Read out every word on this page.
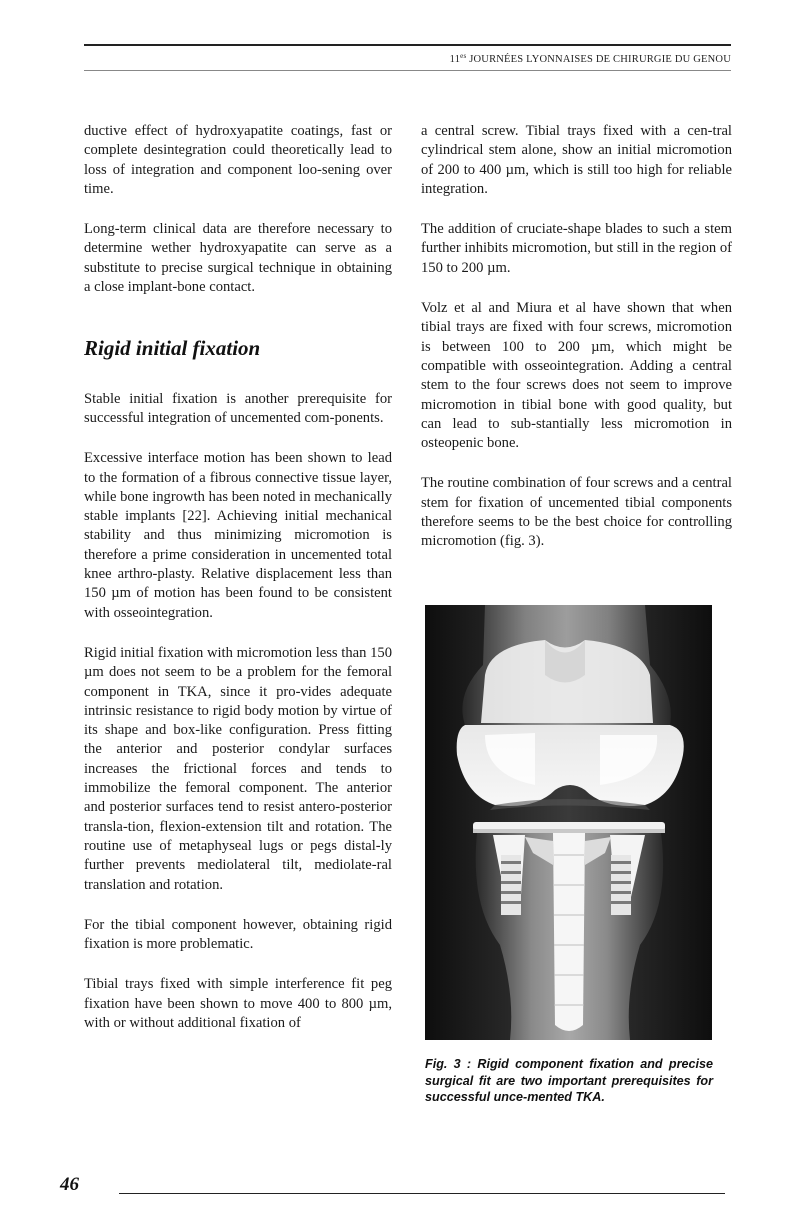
$11^{es}$ JOURNÉES LYONNAISES DE CHIRURGIE DU GENOU

ductive effect of hydroxyapatite coatings, fast or complete desintegration could theoretically lead to loss of integration and component loo-sening over time.

Long-term clinical data are therefore necessary to determine wether hydroxyapatite can serve as a substitute to precise surgical technique in obtaining a close implant-bone contact.

Rigid initial fixation

Stable initial fixation is another prerequisite for successful integration of uncemented com-ponents.

Excessive interface motion has been shown to lead to the formation of a fibrous connective tissue layer, while bone ingrowth has been noted in mechanically stable implants [22]. Achieving initial mechanical stability and thus minimizing micromotion is therefore a prime consideration in uncemented total knee arthro-plasty. Relative displacement less than 150 µm of motion has been found to be consistent with osseointegration.

Rigid initial fixation with micromotion less than 150 µm does not seem to be a problem for the femoral component in TKA, since it pro-vides adequate intrinsic resistance to rigid body motion by virtue of its shape and box-like configuration. Press fitting the anterior and posterior condylar surfaces increases the frictional forces and tends to immobilize the femoral component. The anterior and posterior surfaces tend to resist antero-posterior transla-tion, flexion-extension tilt and rotation. The routine use of metaphyseal lugs or pegs distal-ly further prevents mediolateral tilt, mediolate-ral translation and rotation.

For the tibial component however, obtaining rigid fixation is more problematic.

Tibial trays fixed with simple interference fit peg fixation have been shown to move 400 to 800 µm, with or without additional fixation of

a central screw. Tibial trays fixed with a cen-tral cylindrical stem alone, show an initial micromotion of 200 to 400 µm, which is still too high for reliable integration.

The addition of cruciate-shape blades to such a stem further inhibits micromotion, but still in the region of 150 to 200 µm.

Volz et al and Miura et al have shown that when tibial trays are fixed with four screws, micromotion is between 100 to 200 µm, which might be compatible with osseointegration. Adding a central stem to the four screws does not seem to improve micromotion in tibial bone with good quality, but can lead to sub-stantially less micromotion in osteopenic bone.

The routine combination of four screws and a central stem for fixation of uncemented tibial components therefore seems to be the best choice for controlling micromotion (fig. 3).

Fig. 3 : Rigid component fixation and precise surgical fit are two important prerequisites for successful unce-mented TKA.

46
